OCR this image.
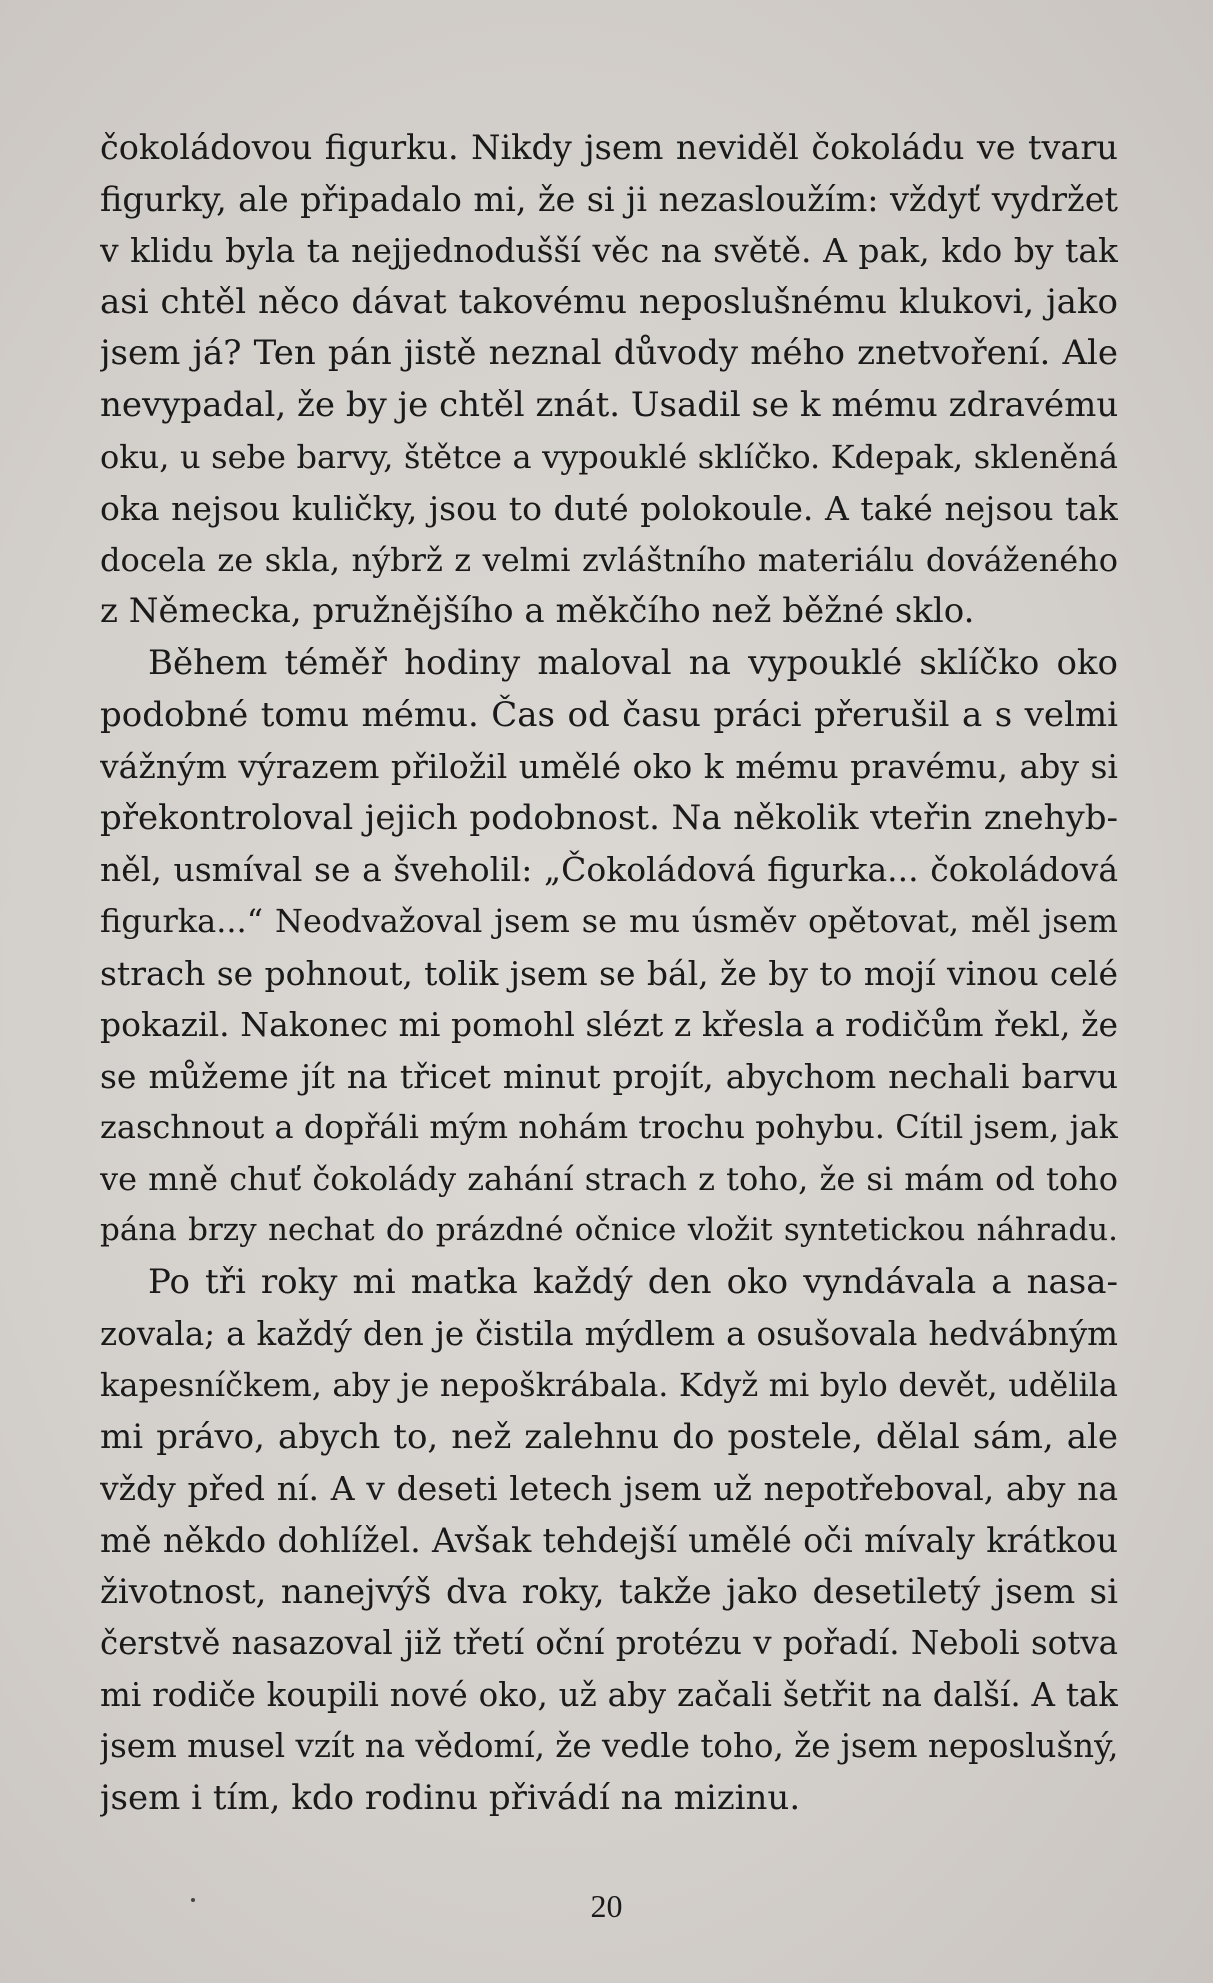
čokoládovou figurku. Nikdy jsem neviděl čokoládu ve tvaru
figurky, ale připadalo mi, že si ji nezasloužím: vždyť vydržet
v klidu byla ta nejjednodušší věc na světě. A pak, kdo by tak
asi chtěl něco dávat takovému neposlušnému klukovi, jako
jsem já? Ten pán jistě neznal důvody mého znetvoření. Ale
nevypadal, že by je chtěl znát. Usadil se k mému zdravému
oku, u sebe barvy, štětce a vypouklé sklíčko. Kdepak, skleněná
oka nejsou kuličky, jsou to duté polokoule. A také nejsou tak
docela ze skla, nýbrž z velmi zvláštního materiálu dováženého
z Německa, pružnějšího a měkčího než běžné sklo.
Během téměř hodiny maloval na vypouklé sklíčko oko
podobné tomu mému. Čas od času práci přerušil a s velmi
vážným výrazem přiložil umělé oko k mému pravému, aby si
překontroloval jejich podobnost. Na několik vteřin znehyb-
něl, usmíval se a šveholil: „Čokoládová figurka... čokoládová
figurka...“ Neodvažoval jsem se mu úsměv opětovat, měl jsem
strach se pohnout, tolik jsem se bál, že by to mojí vinou celé
pokazil. Nakonec mi pomohl slézt z křesla a rodičům řekl, že
se můžeme jít na třicet minut projít, abychom nechali barvu
zaschnout a dopřáli mým nohám trochu pohybu. Cítil jsem, jak
ve mně chuť čokolády zahání strach z toho, že si mám od toho
pána brzy nechat do prázdné očnice vložit syntetickou náhradu.
Po tři roky mi matka každý den oko vyndávala a nasa-
zovala; a každý den je čistila mýdlem a osušovala hedvábným
kapesníčkem, aby je nepoškrábala. Když mi bylo devět, udělila
mi právo, abych to, než zalehnu do postele, dělal sám, ale
vždy před ní. A v deseti letech jsem už nepotřeboval, aby na
mě někdo dohlížel. Avšak tehdejší umělé oči mívaly krátkou
životnost, nanejvýš dva roky, takže jako desetiletý jsem si
čerstvě nasazoval již třetí oční protézu v pořadí. Neboli sotva
mi rodiče koupili nové oko, už aby začali šetřit na další. A tak
jsem musel vzít na vědomí, že vedle toho, že jsem neposlušný,
jsem i tím, kdo rodinu přivádí na mizinu.
20
